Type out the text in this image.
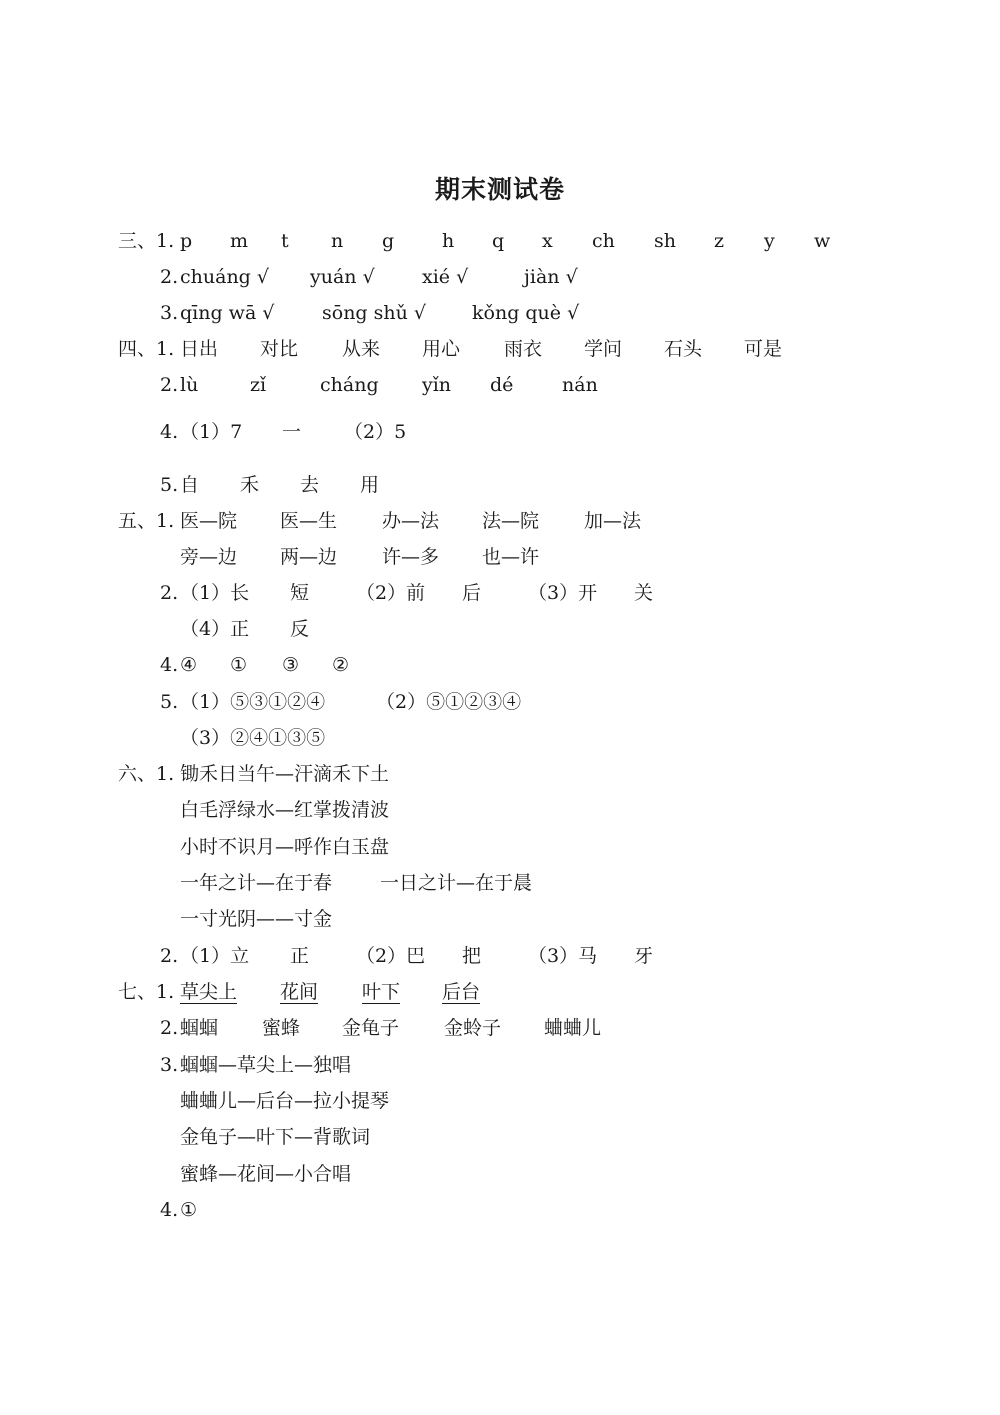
期末测试卷
三、1. p m t n g	h q x ch sh z y w
2. chuáng √ yuán √ xié √	jiàn √
3. qīng wā √	sōng shǔ √ kǒng què √
四、1. 日出 对比 从来 用心 雨衣 学问 石头 可是
2. lù	zǐ	cháng yǐn dé	nán
4. （1）7 一 （2）5
5. 自 禾 去 用
五、1. 医—院 医—生 办—法 法—院 加—法
旁—边 两—边 许—多 也—许
2. （1）长 短 （2）前 后 （3）开 关
（4）正 反
4. ④ ① ③ ②
5. （1）⑤③①②④	（2）⑤①②③④
（3）②④①③⑤
六、1. 锄禾日当午—汗滴禾下土
白毛浮绿水—红掌拨清波
小时不识月—呼作白玉盘
一年之计—在于春	一日之计—在于晨
一寸光阴——寸金
2. （1）立 正 （2）巴 把 （3）马 牙
七、1. 草尖上 花间 叶下 后台
2. 蝈蝈 蜜蜂 金龟子 金蛉子 蛐蛐儿
3. 蝈蝈—草尖上—独唱
蛐蛐儿—后台—拉小提琴
金龟子—叶下—背歌词
蜜蜂—花间—小合唱
4. ①
